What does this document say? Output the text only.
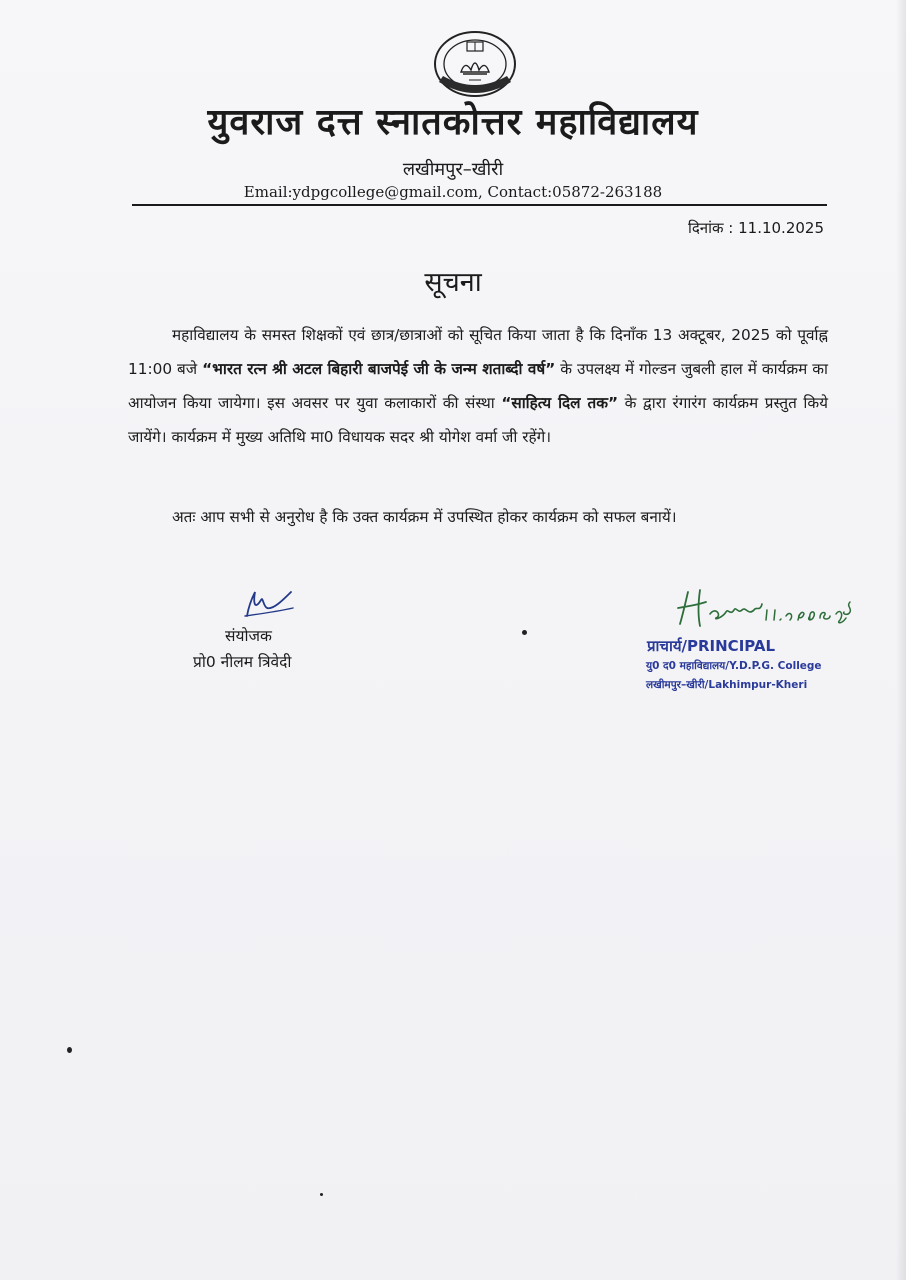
युवराज दत्त स्नातकोत्तर महाविद्यालय
लखीमपुर–खीरी
Email:ydpgcollege@gmail.com, Contact:05872-263188
दिनांक : 11.10.2025
सूचना
महाविद्यालय के समस्त शिक्षकों एवं छात्र/छात्राओं को सूचित किया जाता है कि दिनाँक 13 अक्टूबर, 2025 को पूर्वाह्न 11:00 बजे “भारत रत्न श्री अटल बिहारी बाजपेई जी के जन्म शताब्दी वर्ष” के उपलक्ष्य में गोल्डन जुबली हाल में कार्यक्रम का आयोजन किया जायेगा। इस अवसर पर युवा कलाकारों की संस्था “साहित्य दिल तक” के द्वारा रंगारंग कार्यक्रम प्रस्तुत किये जायेंगे। कार्यक्रम में मुख्य अतिथि मा0 विधायक सदर श्री योगेश वर्मा जी रहेंगे।
अतः आप सभी से अनुरोध है कि उक्त कार्यक्रम में उपस्थित होकर कार्यक्रम को सफल बनायें।
संयोजक
प्रो0 नीलम त्रिवेदी
प्राचार्य/PRINCIPAL
यु0 द0 महाविद्यालय/Y.D.P.G. College
लखीमपुर–खीरी/Lakhimpur-Kheri
